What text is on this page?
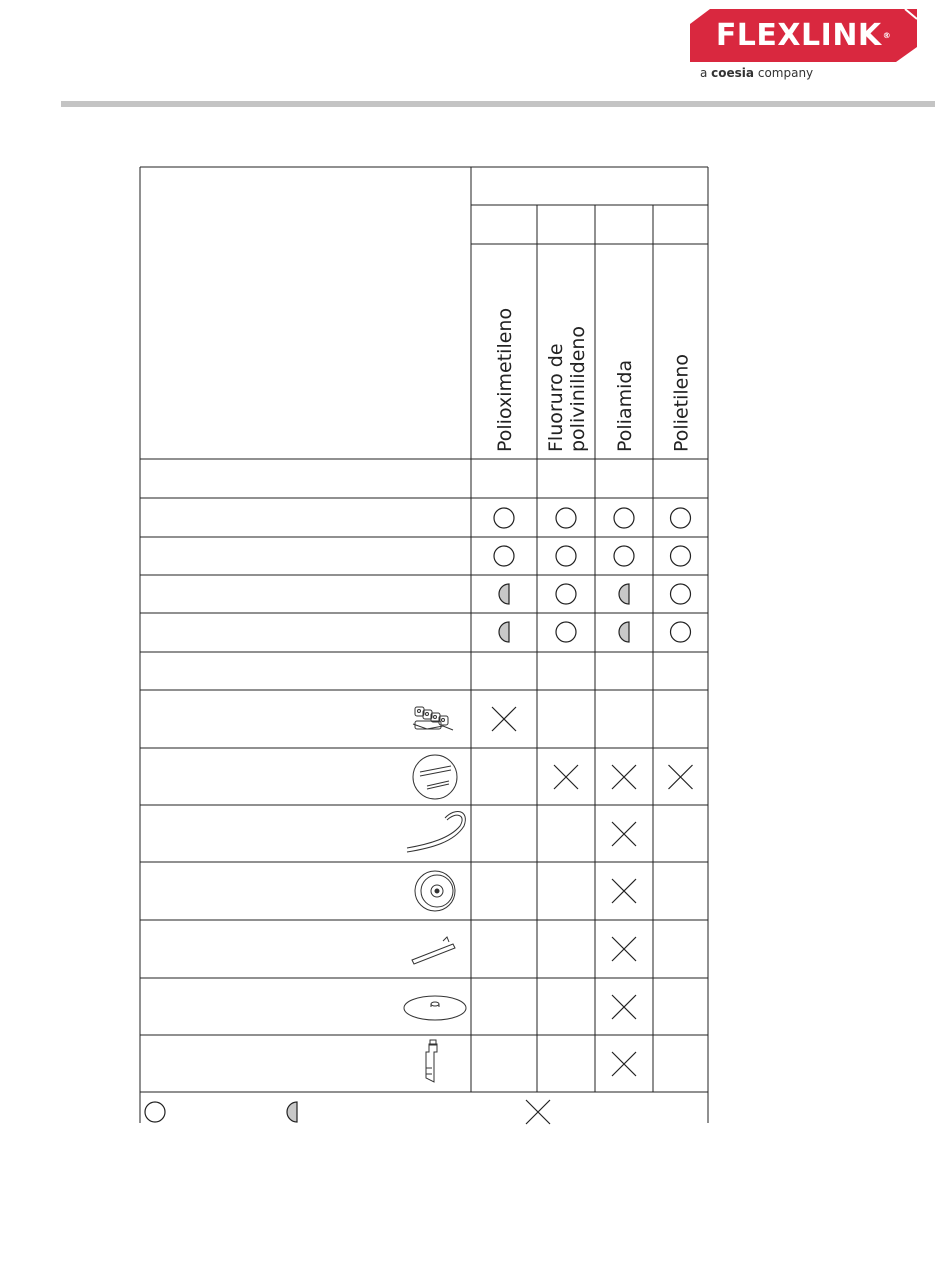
FLEXLINK ®
a coesia company
Polioximetileno Fluoruro de polivinilideno Poliamida Polietileno
